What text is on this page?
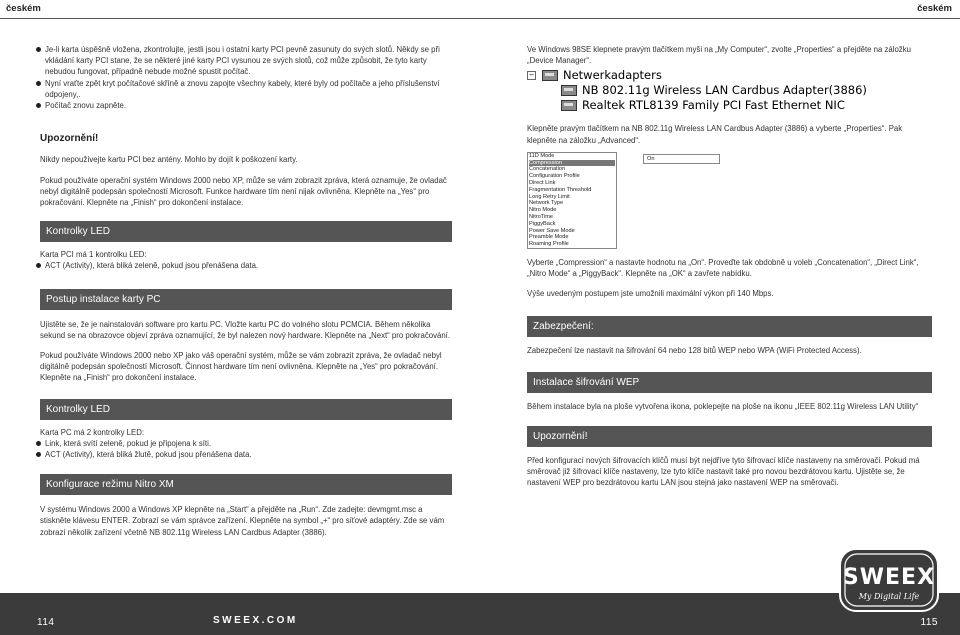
českém	českém
Je-li karta úspěšně vložena, zkontrolujte, jestli jsou i ostatní karty PCI pevně zasunuty do svých slotů. Někdy se při vkládání karty PCI stane, že se některé jiné karty PCI vysunou ze svých slotů, což může způsobit, že tyto karty nebudou fungovat, případně nebude možné spustit počítač.
Nyní vraťte zpět kryt počítačové skříně a znovu zapojte všechny kabely, které byly od počítače a jeho příslušenství odpojeny,.
Počítač znovu zapněte.
Upozornění!

Nikdy nepoužívejte kartu PCI bez antény. Mohlo by dojít k poškození karty.

Pokud používáte operační systém Windows 2000 nebo XP, může se vám zobrazit zpráva, která oznamuje, že ovladač nebyl digitálně podepsán společností Microsoft. Funkce hardware tím není nijak ovlivněna. Klepněte na „Yes“ pro pokračování. Klepněte na „Finish“ pro dokončení instalace.

Kontrolky LED

Karta PCI má 1 kontrolku LED:

ACT (Activity), která bliká zeleně, pokud jsou přenášena data.
Postup instalace karty PC

Ujistěte se, že je nainstalován software pro kartu PC. Vložte kartu PC do volného slotu PCMCIA. Během několika sekund se na obrazovce objeví zpráva oznamující, že byl nalezen nový hardware. Klepněte na „Next“ pro pokračování.

Pokud používáte Windows 2000 nebo XP jako váš operační systém, může se vám zobrazit zpráva, že ovladač nebyl digitálně podepsán společností Microsoft. Činnost hardware tím není ovlivněna. Klepněte na „Yes“ pro pokračování. Klepněte na „Finish“ pro dokončení instalace.

Kontrolky LED

Karta PC má 2 kontrolky LED:

Link, která svítí zeleně, pokud je připojena k síti.
ACT (Activity), která bliká žlutě, pokud jsou přenášena data.
Konfigurace režimu Nitro XM

V systému Windows 2000 a Windows XP klepněte na „Start“ a přejděte na „Run“. Zde zadejte: devmgmt.msc a stiskněte klávesu ENTER. Zobrazí se vám správce zařízení. Klepněte na symbol „+“ pro síťové adaptéry. Zde se vám zobrazí několik zařízení včetně NB 802.11g Wireless LAN Cardbus Adapter (3886).

Ve Windows 98SE klepnete pravým tlačítkem myši na „My Computer“, zvolte „Properties“ a přejděte na záložku „Device Manager“.

− Netwerkadapters
NB 802.11g Wireless LAN Cardbus Adapter(3886)
Realtek RTL8139 Family PCI Fast Ethernet NIC

Klepněte pravým tlačítkem na NB 802.11g Wireless LAN Cardbus Adapter (3886) a vyberte „Properties“. Pak klepněte na záložku „Advanced“.

11D Mode
Compression
Concatenation
Configuration Profile
Direct Link
Fragmentation Threshold
Long Retry Limit
Network Type
Nitro Mode
NitroTime
PiggyBack
Power Save Mode
Preamble Mode
Roaming Profile
On

Vyberte „Compression“ a nastavte hodnotu na „On“. Proveďte tak obdobně u voleb „Concatenation“, „Direct Link“, „Nitro Mode“ a „PiggyBack“. Klepněte na „OK“ a zavřete nabídku.

Výše uvedeným postupem jste umožnili maximální výkon při 140 Mbps.

Zabezpečení:

Zabezpečení lze nastavit na šifrování 64 nebo 128 bitů WEP nebo WPA (WiFi Protected Access).

Instalace šifrování WEP

Během instalace byla na ploše vytvořena ikona, poklepejte na ploše na ikonu „IEEE 802.11g Wireless LAN Utility“

Upozornění!

Před konfigurací nových šifrovacích klíčů musí být nejdříve tyto šifrovací klíče nastaveny na směrovači. Pokud má směrovač již šifrovací klíče nastaveny, lze tyto klíče nastavit také pro novou bezdrátovou kartu. Ujistěte se, že nastavení WEP pro bezdrátovou kartu LAN jsou stejná jako nastavení WEP na směrovači.

114	SWEEX.COM	115
SWEEX
My Digital Life
